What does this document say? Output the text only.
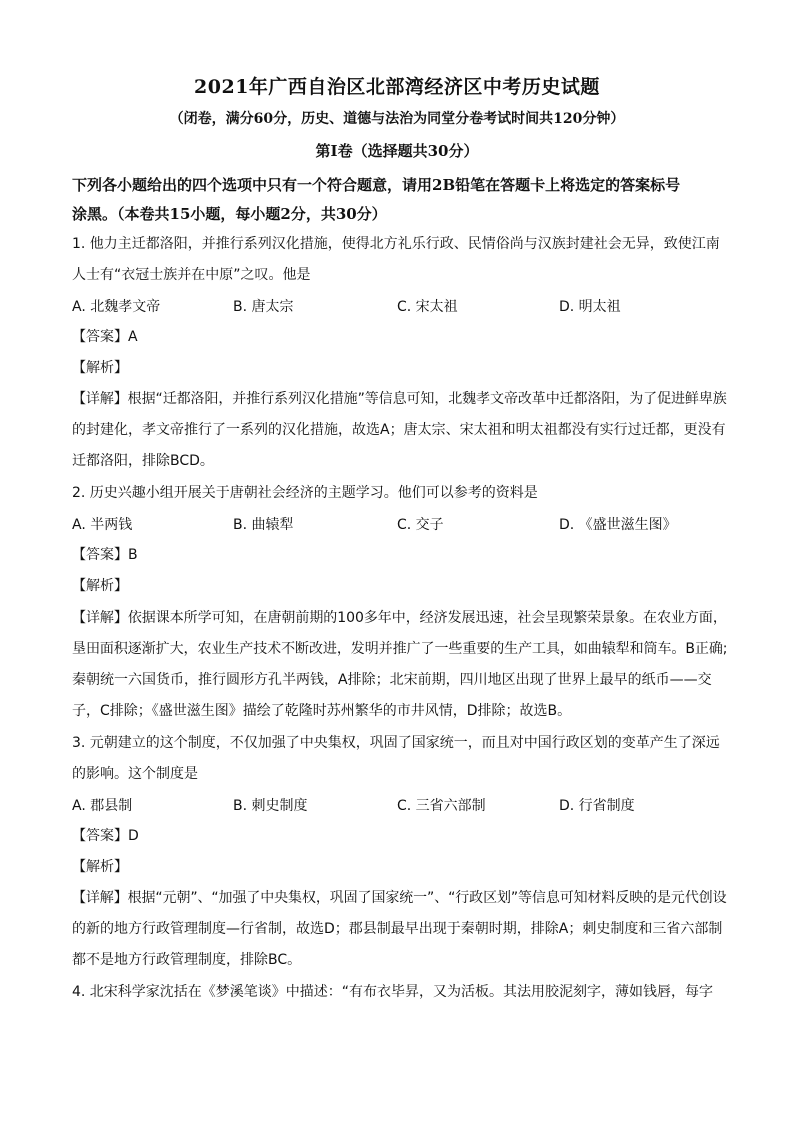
2021年广西自治区北部湾经济区中考历史试题
（闭卷，满分60分，历史、道德与法治为同堂分卷考试时间共120分钟）
第Ⅰ卷（选择题共30分）
下列各小题给出的四个选项中只有一个符合题意，请用2B铅笔在答题卡上将选定的答案标号
涂黑。（本卷共15小题，每小题2分，共30分）
1. 他力主迁都洛阳，并推行系列汉化措施，使得北方礼乐行政、民情俗尚与汉族封建社会无异，致使江南
人士有“衣冠士族并在中原”之叹。他是
A. 北魏孝文帝	B. 唐太宗	C. 宋太祖	D. 明太祖
【答案】A
【解析】
【详解】根据“迁都洛阳，并推行系列汉化措施”等信息可知，北魏孝文帝改革中迁都洛阳，为了促进鲜卑族
的封建化，孝文帝推行了一系列的汉化措施，故选A；唐太宗、宋太祖和明太祖都没有实行过迁都，更没有
迁都洛阳，排除BCD。
2. 历史兴趣小组开展关于唐朝社会经济的主题学习。他们可以参考的资料是
A. 半两钱	B. 曲辕犁	C. 交子	D. 《盛世滋生图》
【答案】B
【解析】
【详解】依据课本所学可知，在唐朝前期的100多年中，经济发展迅速，社会呈现繁荣景象。在农业方面，
垦田面积逐渐扩大，农业生产技术不断改进，发明并推广了一些重要的生产工具，如曲辕犁和筒车。B正确;
秦朝统一六国货币，推行圆形方孔半两钱，A排除；北宋前期，四川地区出现了世界上最早的纸币——交
子，C排除；《盛世滋生图》描绘了乾隆时苏州繁华的市井风情，D排除；故选B。
3. 元朝建立的这个制度，不仅加强了中央集权，巩固了国家统一，而且对中国行政区划的变革产生了深远
的影响。这个制度是
A. 郡县制	B. 刺史制度	C. 三省六部制	D. 行省制度
【答案】D
【解析】
【详解】根据“元朝”、“加强了中央集权，巩固了国家统一”、“行政区划”等信息可知材料反映的是元代创设
的新的地方行政管理制度—行省制，故选D；郡县制最早出现于秦朝时期，排除A；刺史制度和三省六部制
都不是地方行政管理制度，排除BC。
4. 北宋科学家沈括在《梦溪笔谈》中描述：“有布衣毕昇，又为活板。其法用胶泥刻字，薄如钱唇，每字
